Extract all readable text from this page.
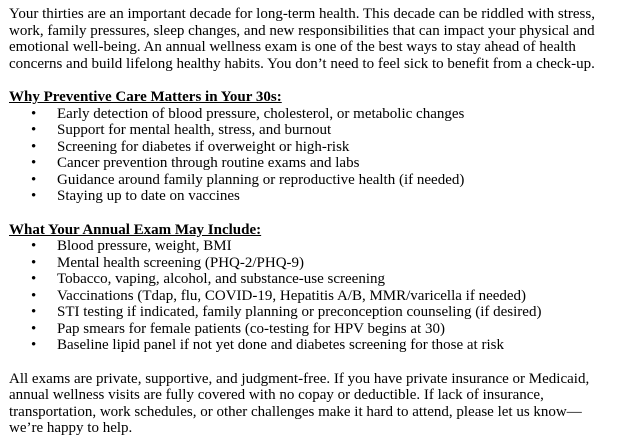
Your thirties are an important decade for long-term health. This decade can be riddled with stress, work, family pressures, sleep changes, and new responsibilities that can impact your physical and emotional well-being. An annual wellness exam is one of the best ways to stay ahead of health concerns and build lifelong healthy habits. You don’t need to feel sick to benefit from a check-up.

Why Preventive Care Matters in Your 30s:

• Early detection of blood pressure, cholesterol, or metabolic changes
• Support for mental health, stress, and burnout
• Screening for diabetes if overweight or high-risk
• Cancer prevention through routine exams and labs
• Guidance around family planning or reproductive health (if needed)
• Staying up to date on vaccines

What Your Annual Exam May Include:

• Blood pressure, weight, BMI
• Mental health screening (PHQ-2/PHQ-9)
• Tobacco, vaping, alcohol, and substance-use screening
• Vaccinations (Tdap, flu, COVID-19, Hepatitis A/B, MMR/varicella if needed)
• STI testing if indicated, family planning or preconception counseling (if desired)
• Pap smears for female patients (co-testing for HPV begins at 30)
• Baseline lipid panel if not yet done and diabetes screening for those at risk

All exams are private, supportive, and judgment-free. If you have private insurance or Medicaid, annual wellness visits are fully covered with no copay or deductible. If lack of insurance, transportation, work schedules, or other challenges make it hard to attend, please let us know—we’re happy to help.
